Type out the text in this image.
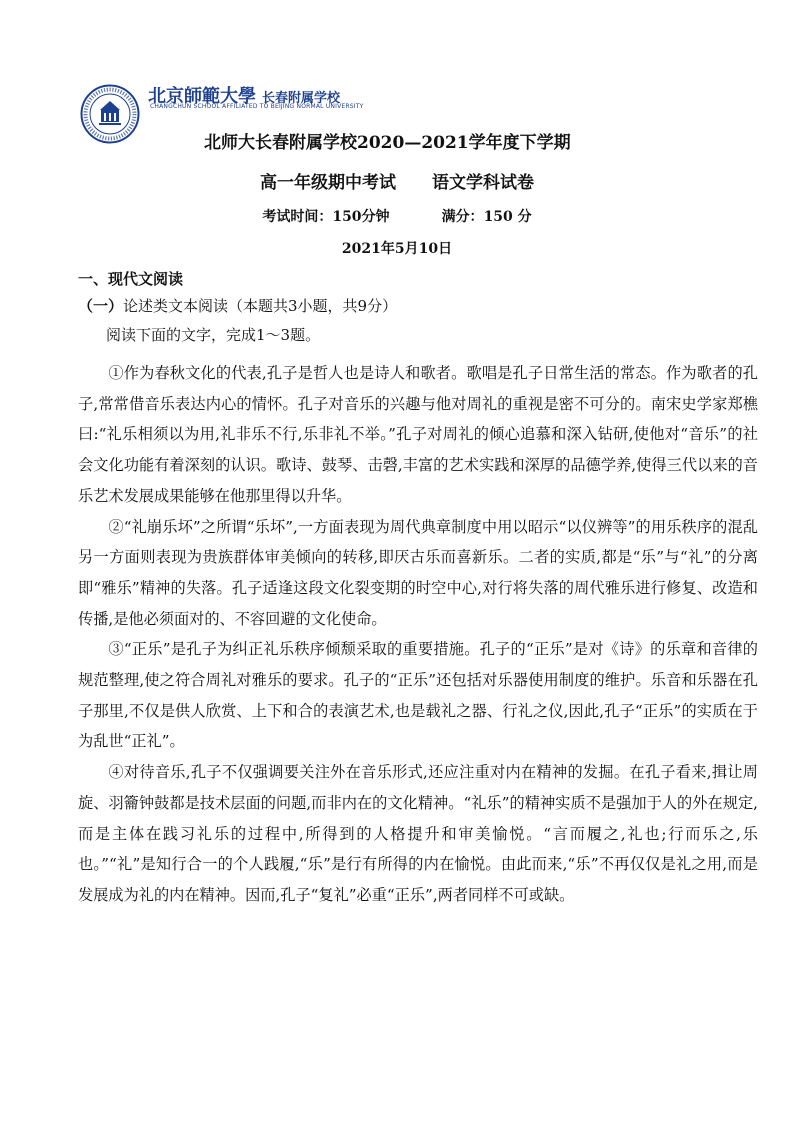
北京師範大學 长春附属学校
CHANGCHUN SCHOOL AFFILIATED TO BEIJING NORMAL UNIVERSITY
北师大长春附属学校2020—2021学年度下学期
高一年级期中考试 语文学科试卷
考试时间：150分钟	满分：150 分
2021年5月10日
一、现代文阅读
（一）论述类文本阅读（本题共3小题，共9分）
阅读下面的文字，完成1～3题。

①作为春秋文化的代表,孔子是哲人也是诗人和歌者。歌唱是孔子日常生活的常态。作为歌者的孔子,常常借音乐表达内心的情怀。孔子对音乐的兴趣与他对周礼的重视是密不可分的。南宋史学家郑樵曰:“礼乐相须以为用,礼非乐不行,乐非礼不举。”孔子对周礼的倾心追慕和深入钻研,使他对“音乐”的社会文化功能有着深刻的认识。歌诗、鼓琴、击磬,丰富的艺术实践和深厚的品德学养,使得三代以来的音乐艺术发展成果能够在他那里得以升华。

②“礼崩乐坏”之所谓“乐坏”,一方面表现为周代典章制度中用以昭示“以仪辨等”的用乐秩序的混乱另一方面则表现为贵族群体审美倾向的转移,即厌古乐而喜新乐。二者的实质,都是“乐”与“礼”的分离即“雅乐”精神的失落。孔子适逢这段文化裂变期的时空中心,对行将失落的周代雅乐进行修复、改造和传播,是他必须面对的、不容回避的文化使命。

③“正乐”是孔子为纠正礼乐秩序倾颓采取的重要措施。孔子的“正乐”是对《诗》的乐章和音律的规范整理,使之符合周礼对雅乐的要求。孔子的“正乐”还包括对乐器使用制度的维护。乐音和乐器在孔子那里,不仅是供人欣赏、上下和合的表演艺术,也是载礼之器、行礼之仪,因此,孔子“正乐”的实质在于为乱世“正礼”。

④对待音乐,孔子不仅强调要关注外在音乐形式,还应注重对内在精神的发掘。在孔子看来,揖让周旋、羽籥钟鼓都是技术层面的问题,而非内在的文化精神。“礼乐”的精神实质不是强加于人的外在规定,而是主体在践习礼乐的过程中,所得到的人格提升和审美愉悦。“言而履之,礼也;行而乐之,乐也。”“礼”是知行合一的个人践履,“乐”是行有所得的内在愉悦。由此而来,“乐”不再仅仅是礼之用,而是发展成为礼的内在精神。因而,孔子“复礼”必重“正乐”,两者同样不可或缺。
